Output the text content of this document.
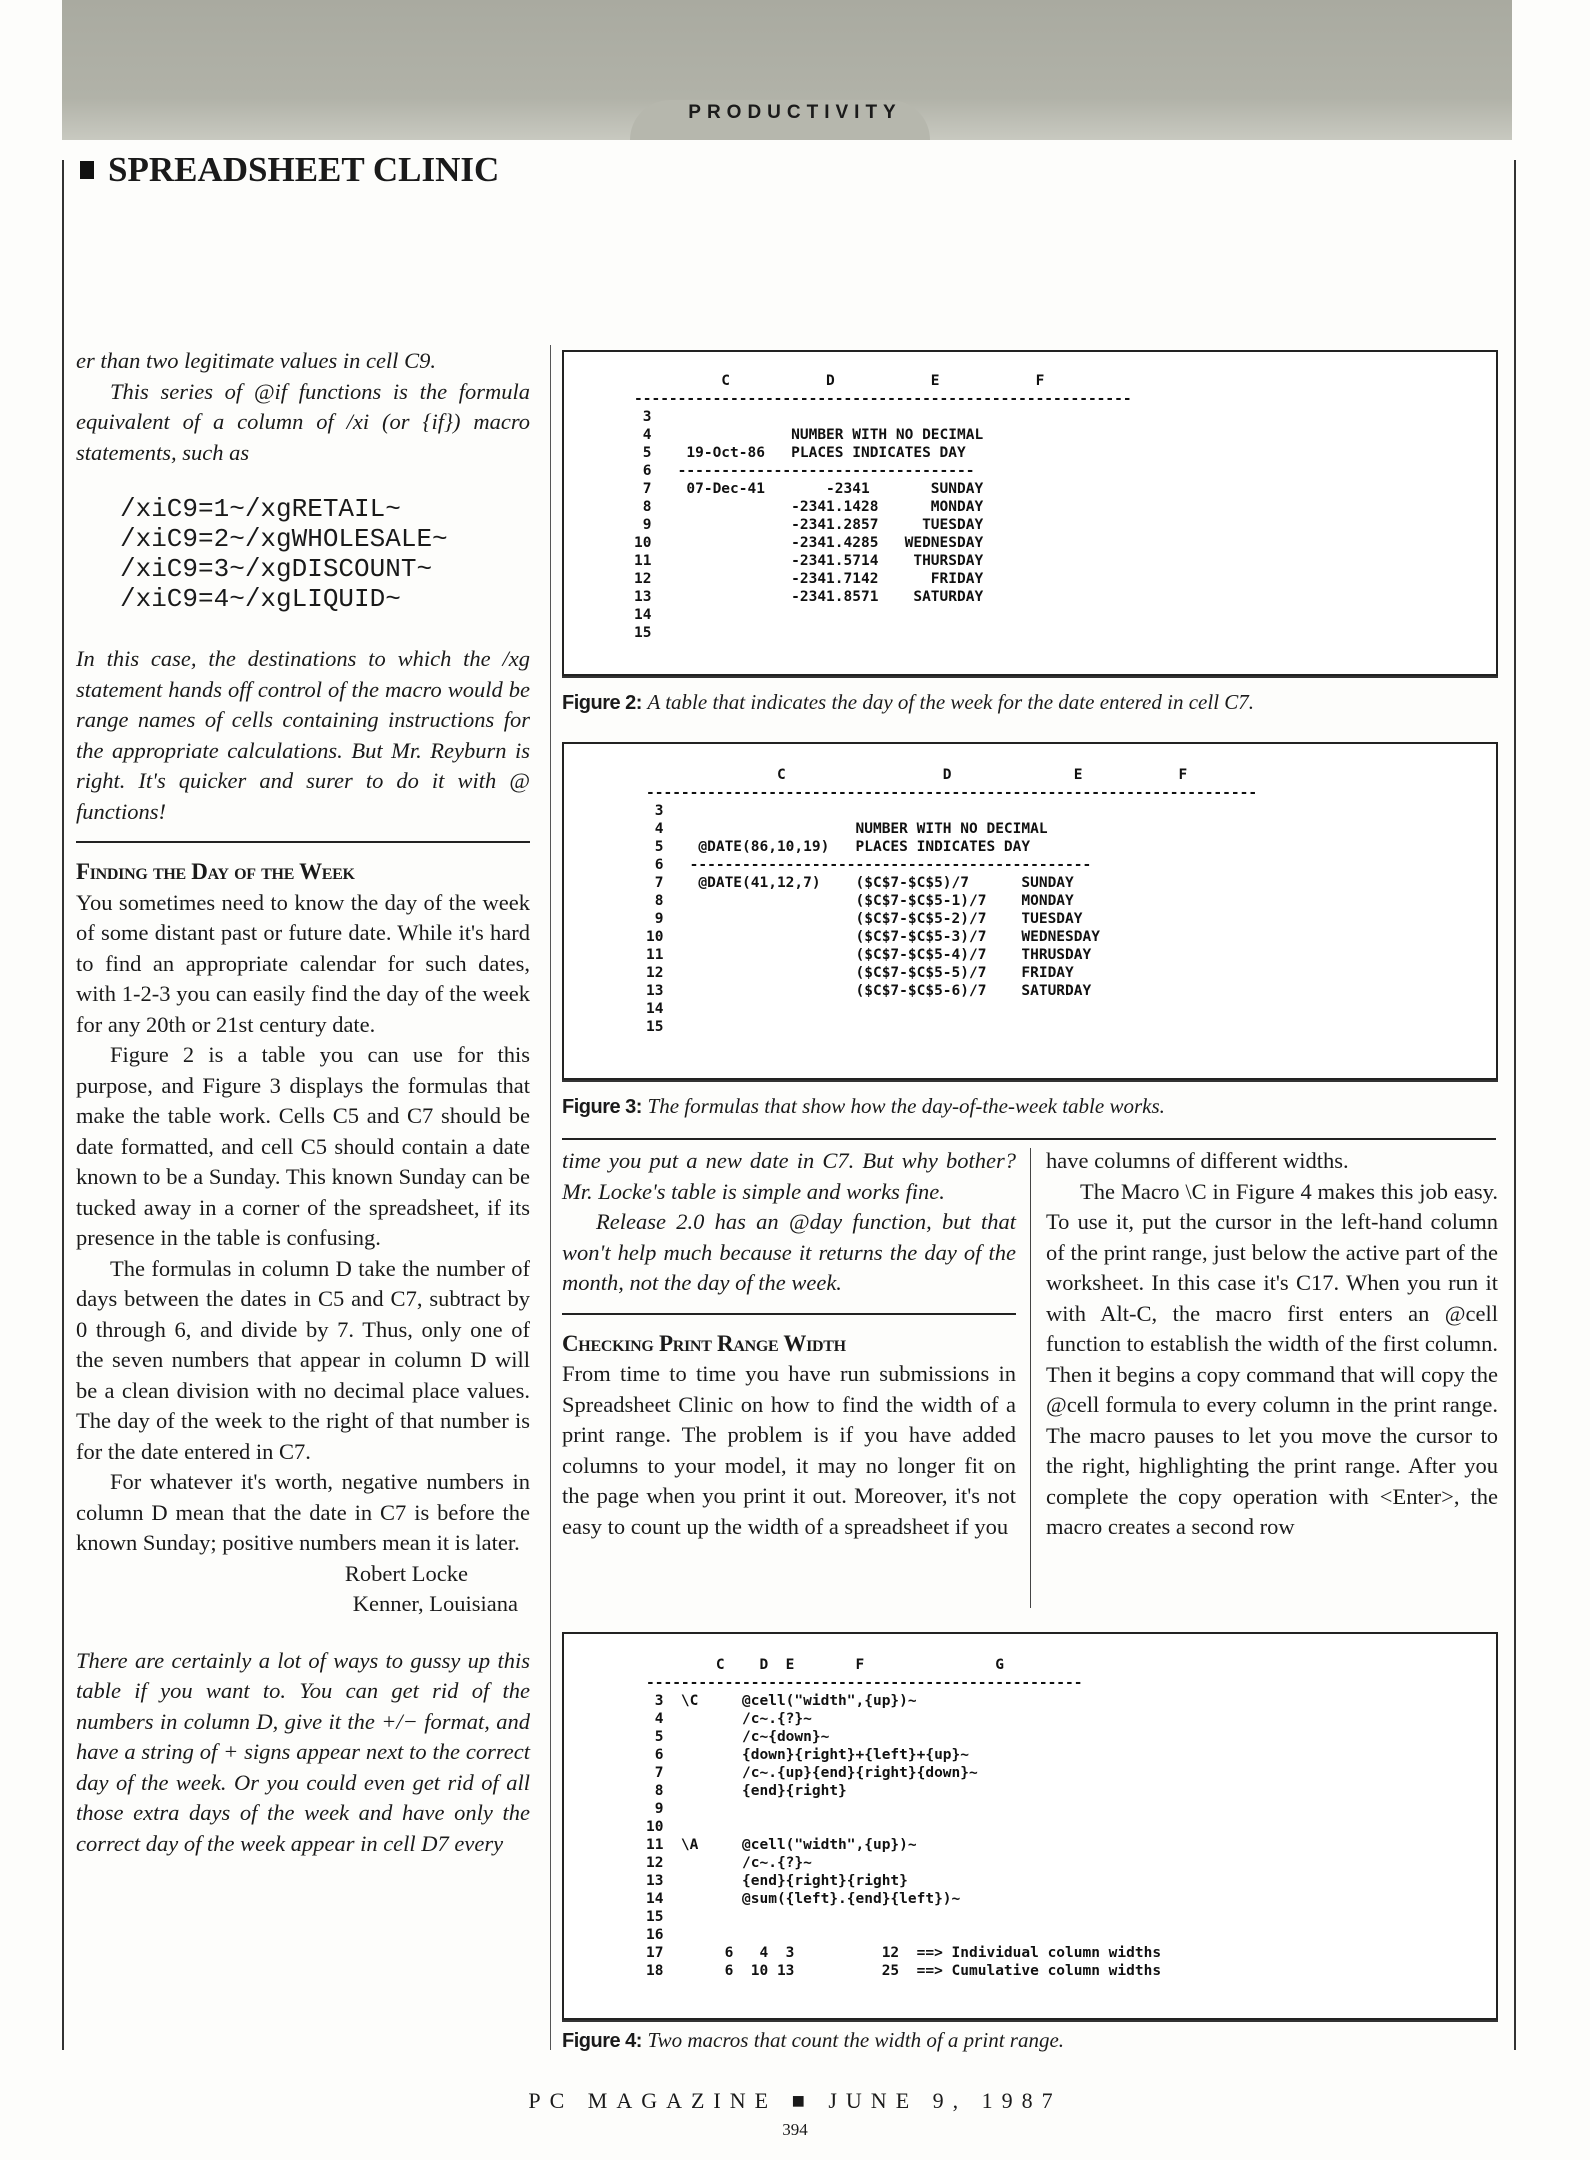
PRODUCTIVITY
SPREADSHEET CLINIC

er than two legitimate values in cell C9.

This series of @if functions is the formula equivalent of a column of /xi (or {if}) macro statements, such as

/xiC9=1~/xgRETAIL~
/xiC9=2~/xgWHOLESALE~
/xiC9=3~/xgDISCOUNT~
/xiC9=4~/xgLIQUID~

In this case, the destinations to which the /xg statement hands off control of the macro would be range names of cells containing instructions for the appropriate calculations. But Mr. Reyburn is right. It's quicker and surer to do it with @ functions!

Finding the Day of the Week

You sometimes need to know the day of the week of some distant past or future date. While it's hard to find an appropriate calendar for such dates, with 1-2-3 you can easily find the day of the week for any 20th or 21st century date.

Figure 2 is a table you can use for this purpose, and Figure 3 displays the formulas that make the table work. Cells C5 and C7 should be date formatted, and cell C5 should contain a date known to be a Sunday. This known Sunday can be tucked away in a corner of the spreadsheet, if its presence in the table is confusing.

The formulas in column D take the number of days between the dates in C5 and C7, subtract by 0 through 6, and divide by 7. Thus, only one of the seven numbers that appear in column D will be a clean division with no decimal place values. The day of the week to the right of that number is for the date entered in C7.

For whatever it's worth, negative numbers in column D mean that the date in C7 is before the known Sunday; positive numbers mean it is later.

Robert Locke

Kenner, Louisiana

There are certainly a lot of ways to gussy up this table if you want to. You can get rid of the numbers in column D, give it the +/− format, and have a string of + signs appear next to the correct day of the week. Or you could even get rid of all those extra days of the week and have only the correct day of the week appear in cell D7 every

C           D           E           F
---------------------------------------------------------
3
4                NUMBER WITH NO DECIMAL
5    19-Oct-86   PLACES INDICATES DAY
6   ----------------------------------
7    07-Dec-41       -2341       SUNDAY
8                -2341.1428      MONDAY
9                -2341.2857     TUESDAY
10                -2341.4285   WEDNESDAY
11                -2341.5714    THURSDAY
12                -2341.7142      FRIDAY
13                -2341.8571    SATURDAY
14
15
Figure 2: A table that indicates the day of the week for the date entered in cell C7.
C                  D              E           F
----------------------------------------------------------------------
3
4                      NUMBER WITH NO DECIMAL
5    @DATE(86,10,19)   PLACES INDICATES DAY
6   ----------------------------------------------
7    @DATE(41,12,7)    ($C$7-$C$5)/7      SUNDAY
8                      ($C$7-$C$5-1)/7    MONDAY
9                      ($C$7-$C$5-2)/7    TUESDAY
10                      ($C$7-$C$5-3)/7    WEDNESDAY
11                      ($C$7-$C$5-4)/7    THRUSDAY
12                      ($C$7-$C$5-5)/7    FRIDAY
13                      ($C$7-$C$5-6)/7    SATURDAY
14
15
Figure 3: The formulas that show how the day-of-the-week table works.

time you put a new date in C7. But why bother? Mr. Locke's table is simple and works fine.

Release 2.0 has an @day function, but that won't help much because it returns the day of the month, not the day of the week.

Checking Print Range Width

From time to time you have run submissions in Spreadsheet Clinic on how to find the width of a print range. The problem is if you have added columns to your model, it may no longer fit on the page when you print it out. Moreover, it's not easy to count up the width of a spreadsheet if you

have columns of different widths.

The Macro \C in Figure 4 makes this job easy. To use it, put the cursor in the left-hand column of the print range, just below the active part of the worksheet. In this case it's C17. When you run it with Alt-C, the macro first enters an @cell function to establish the width of the first column. Then it begins a copy command that will copy the @cell formula to every column in the print range. The macro pauses to let you move the cursor to the right, highlighting the print range. After you complete the copy operation with <Enter>, the macro creates a second row

C    D  E       F               G
--------------------------------------------------
3  \C     @cell("width",{up})~
4         /c~.{?}~
5         /c~{down}~
6         {down}{right}+{left}+{up}~
7         /c~.{up}{end}{right}{down}~
8         {end}{right}
9
10
11  \A     @cell("width",{up})~
12         /c~.{?}~
13         {end}{right}{right}
14         @sum({left}.{end}{left})~
15
16
17       6   4  3          12  ==> Individual column widths
18       6  10 13          25  ==> Cumulative column widths
Figure 4: Two macros that count the width of a print range.
PC MAGAZINE ■ JUNE 9, 1987
394
